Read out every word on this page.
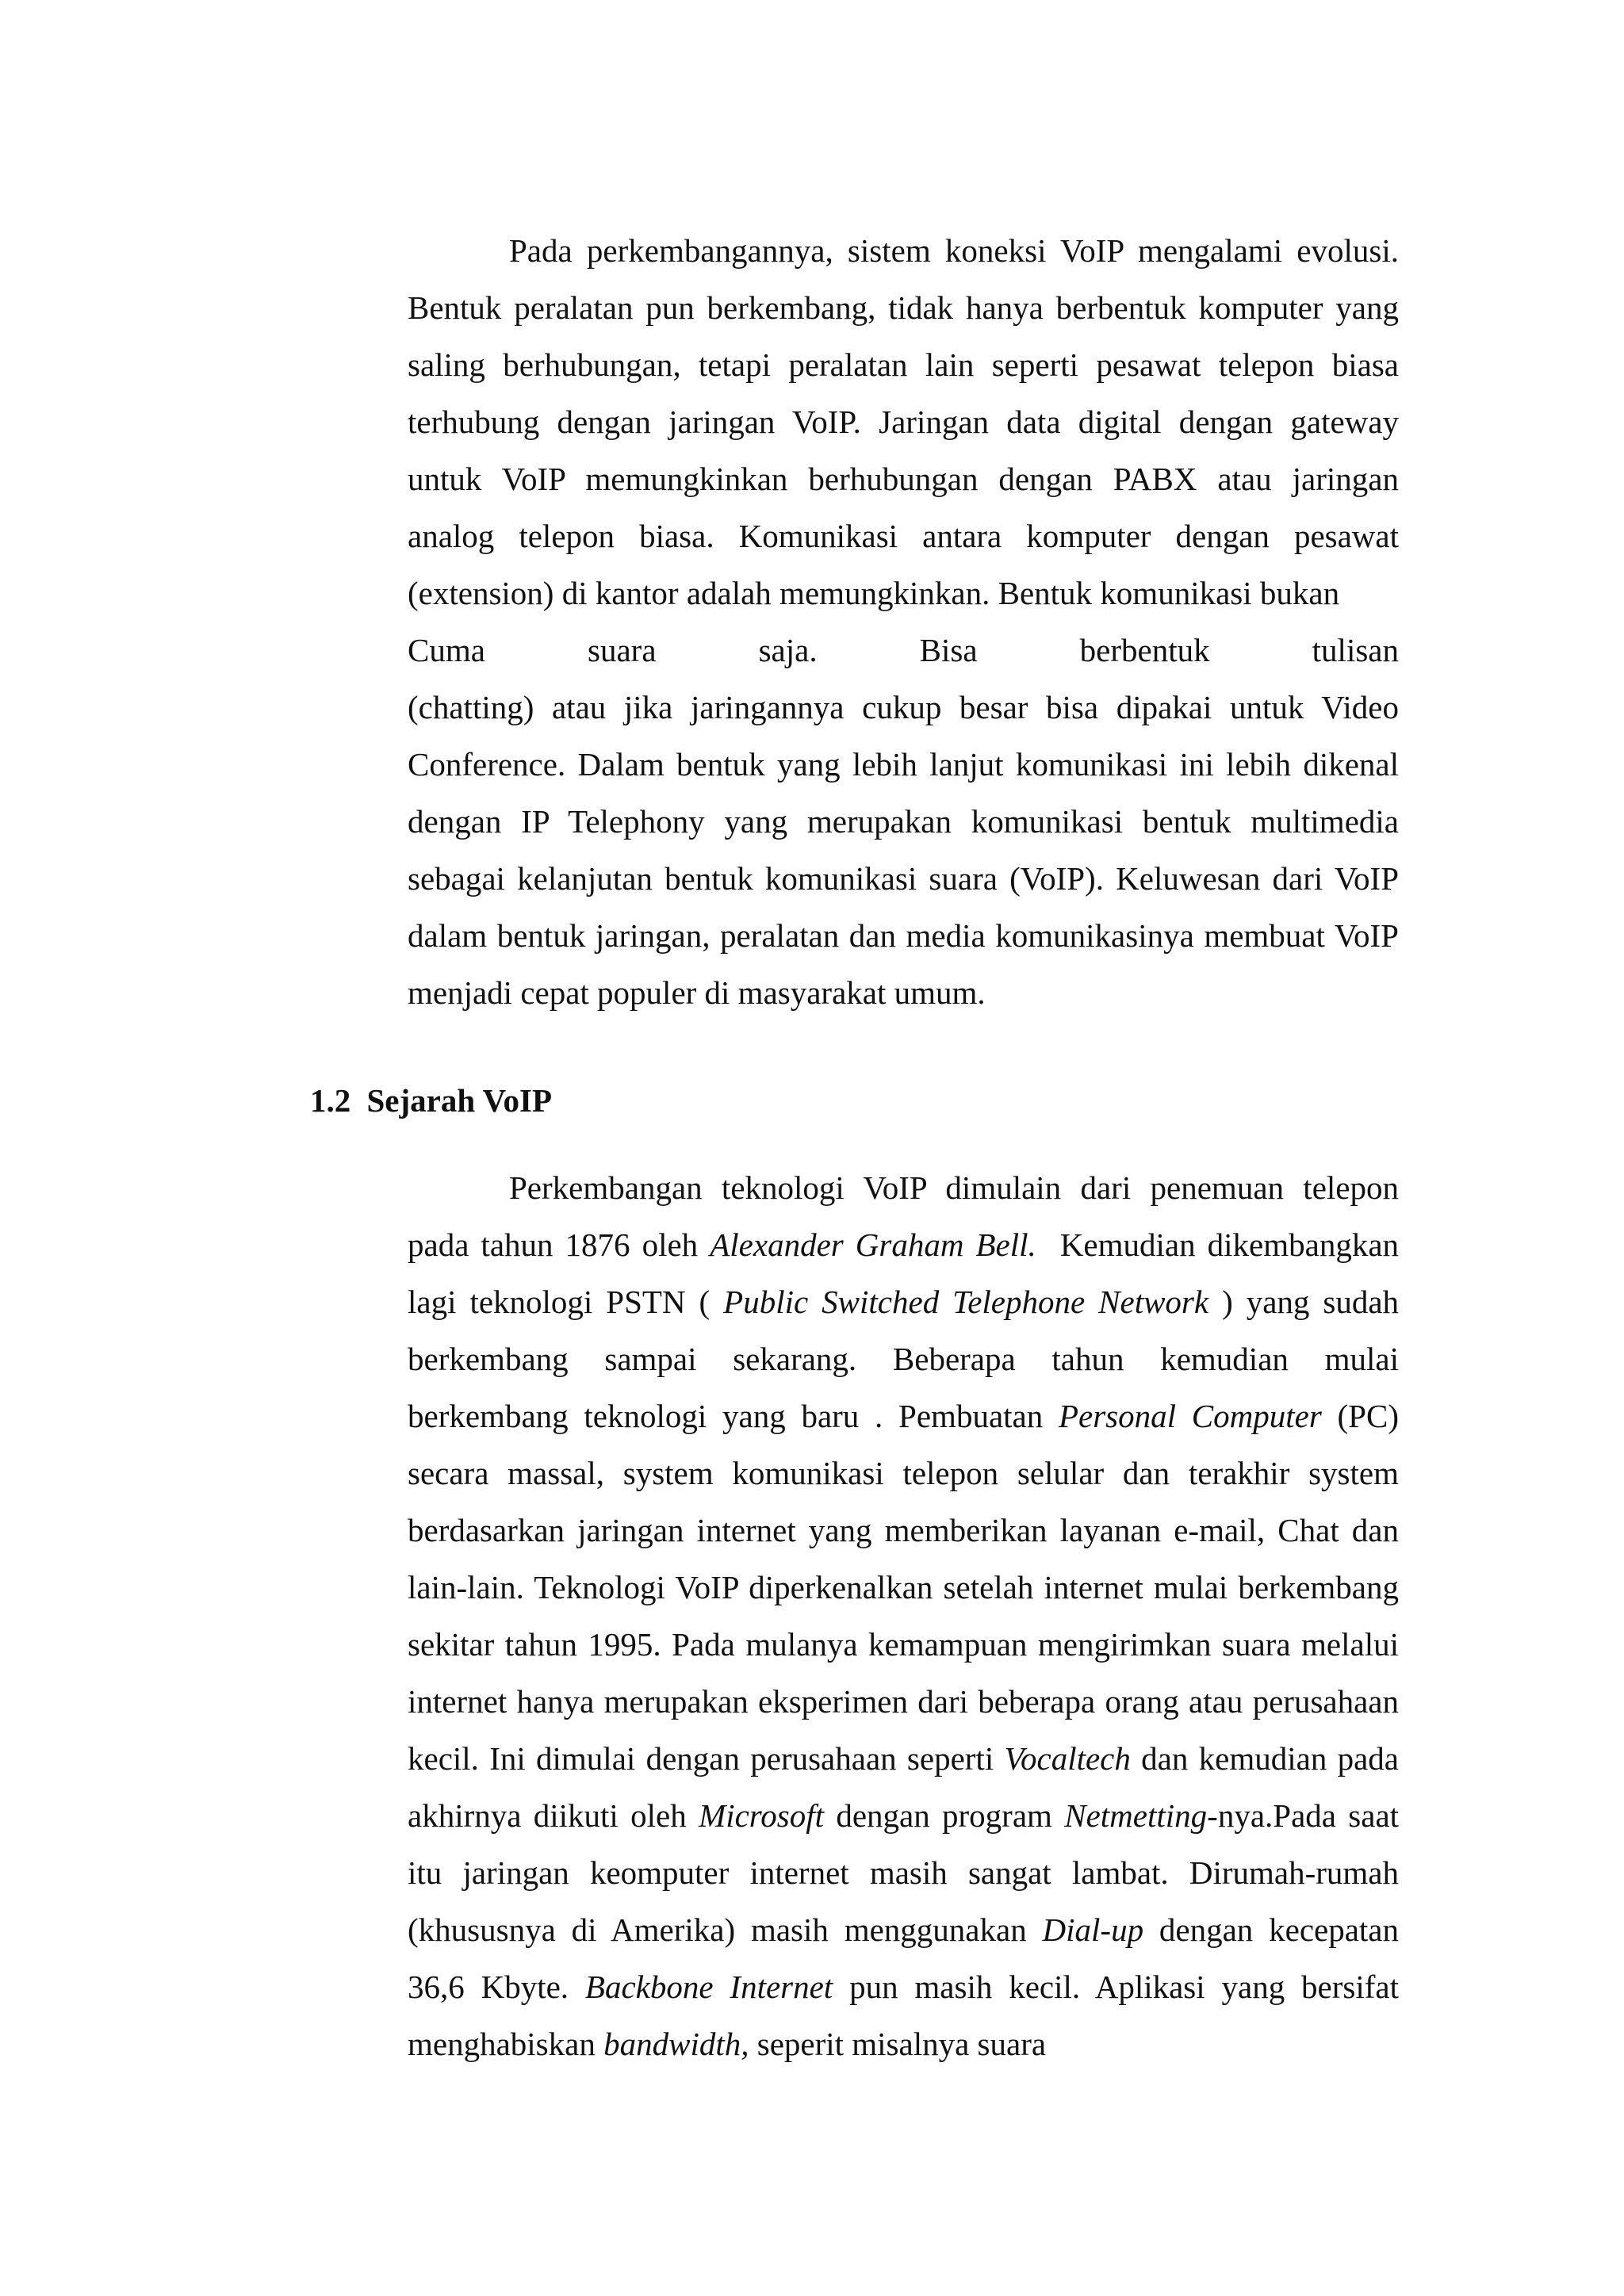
Pada perkembangannya, sistem koneksi VoIP mengalami evolusi. Bentuk peralatan pun berkembang, tidak hanya berbentuk komputer yang saling berhubungan, tetapi peralatan lain seperti pesawat telepon biasa terhubung dengan jaringan VoIP. Jaringan data digital dengan gateway untuk VoIP memungkinkan berhubungan dengan PABX atau jaringan analog telepon biasa. Komunikasi antara komputer dengan pesawat (extension) di kantor adalah memungkinkan. Bentuk komunikasi bukan
Cuma suara saja. Bisa berbentuk tulisan
(chatting) atau jika jaringannya cukup besar bisa dipakai untuk Video Conference. Dalam bentuk yang lebih lanjut komunikasi ini lebih dikenal dengan IP Telephony yang merupakan komunikasi bentuk multimedia sebagai kelanjutan bentuk komunikasi suara (VoIP). Keluwesan dari VoIP dalam bentuk jaringan, peralatan dan media komunikasinya membuat VoIP menjadi cepat populer di masyarakat umum.

1.2 Sejarah VoIP

Perkembangan teknologi VoIP dimulain dari penemuan telepon pada tahun 1876 oleh Alexander Graham Bell. Kemudian dikembangkan lagi teknologi PSTN ( Public Switched Telephone Network ) yang sudah berkembang sampai sekarang. Beberapa tahun kemudian mulai berkembang teknologi yang baru . Pembuatan Personal Computer (PC) secara massal, system komunikasi telepon selular dan terakhir system berdasarkan jaringan internet yang memberikan layanan e-mail, Chat dan lain-lain. Teknologi VoIP diperkenalkan setelah internet mulai berkembang sekitar tahun 1995. Pada mulanya kemampuan mengirimkan suara melalui internet hanya merupakan eksperimen dari beberapa orang atau perusahaan kecil. Ini dimulai dengan perusahaan seperti Vocaltech dan kemudian pada akhirnya diikuti oleh Microsoft dengan program Netmetting-nya.Pada saat itu jaringan keomputer internet masih sangat lambat. Dirumah-rumah (khususnya di Amerika) masih menggunakan Dial-up dengan kecepatan 36,6 Kbyte. Backbone Internet pun masih kecil. Aplikasi yang bersifat menghabiskan bandwidth, seperit misalnya suara
